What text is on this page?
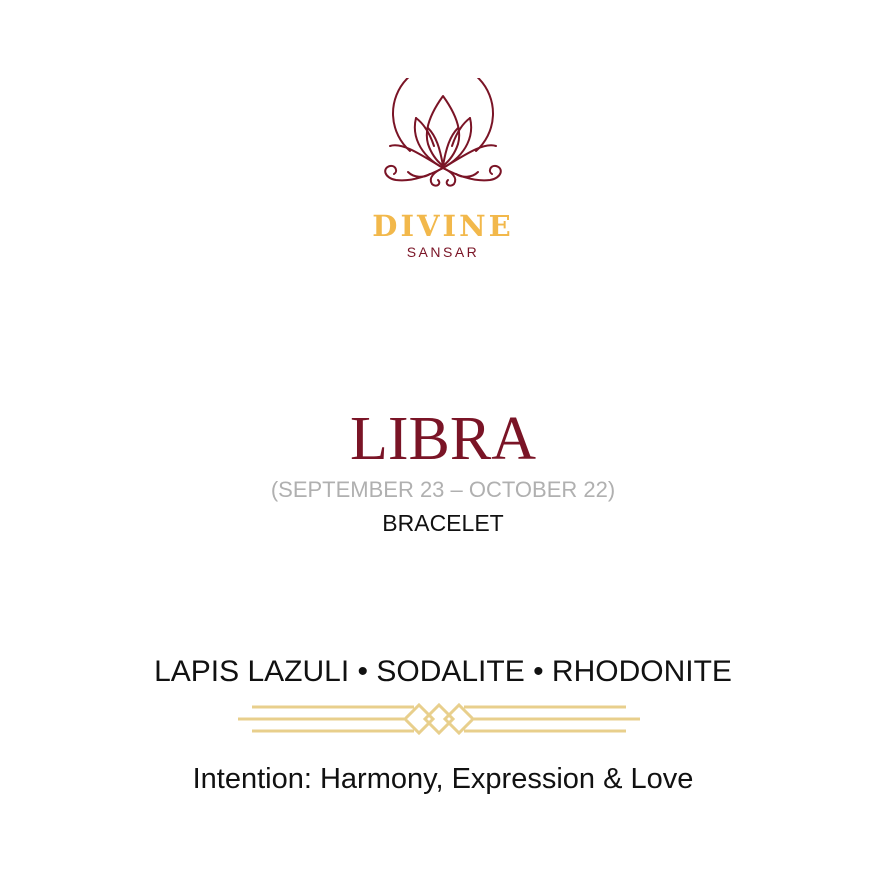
DIVINE
SANSAR
LIBRA
(SEPTEMBER 23 – OCTOBER 22)
BRACELET
LAPIS LAZULI • SODALITE • RHODONITE
Intention: Harmony, Expression & Love
